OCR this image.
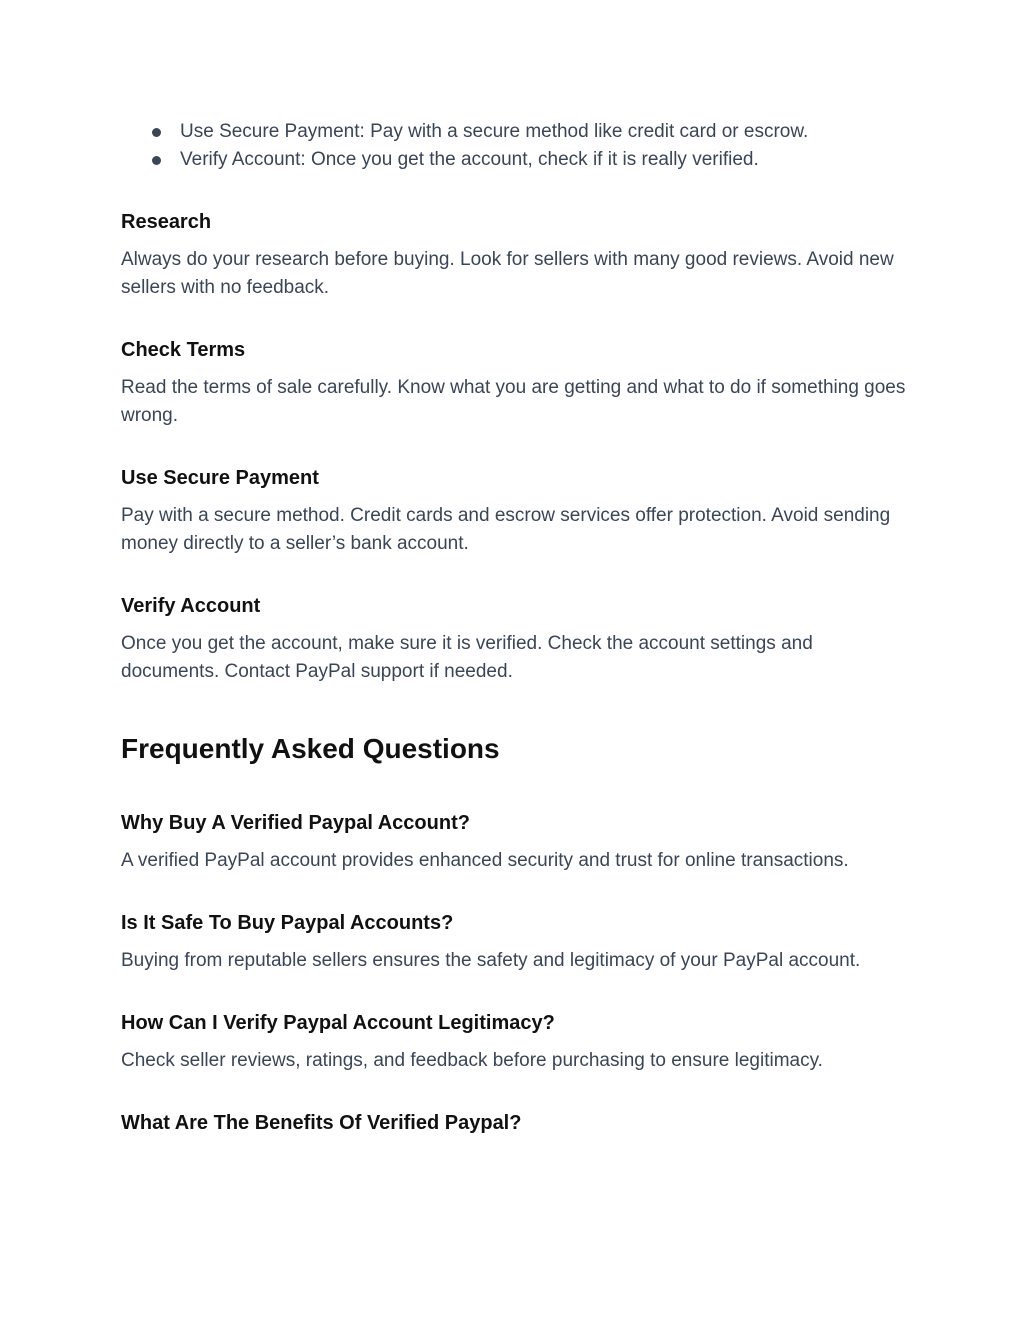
Use Secure Payment: Pay with a secure method like credit card or escrow.
Verify Account: Once you get the account, check if it is really verified.
Research

Always do your research before buying. Look for sellers with many good reviews. Avoid new sellers with no feedback.

Check Terms

Read the terms of sale carefully. Know what you are getting and what to do if something goes wrong.

Use Secure Payment

Pay with a secure method. Credit cards and escrow services offer protection. Avoid sending money directly to a seller’s bank account.

Verify Account

Once you get the account, make sure it is verified. Check the account settings and documents. Contact PayPal support if needed.

Frequently Asked Questions
Why Buy A Verified Paypal Account?

A verified PayPal account provides enhanced security and trust for online transactions.

Is It Safe To Buy Paypal Accounts?

Buying from reputable sellers ensures the safety and legitimacy of your PayPal account.

How Can I Verify Paypal Account Legitimacy?

Check seller reviews, ratings, and feedback before purchasing to ensure legitimacy.

What Are The Benefits Of Verified Paypal?
